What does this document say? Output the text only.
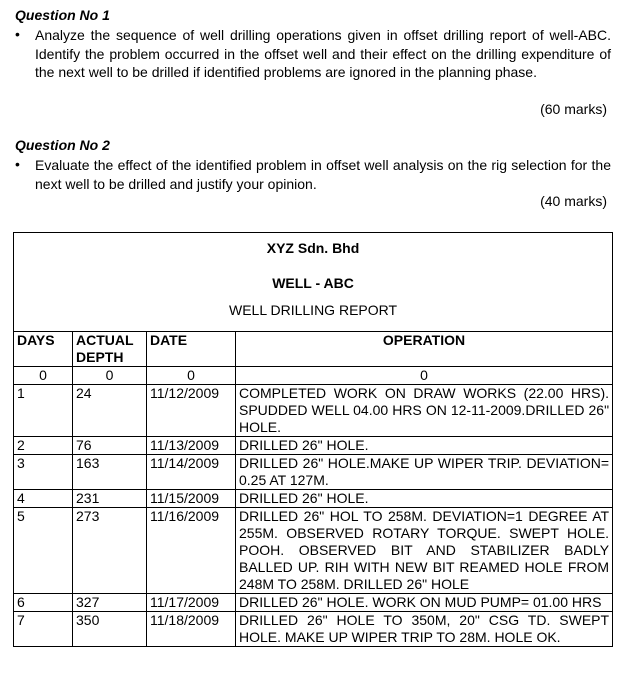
Question No 1
• Analyze the sequence of well drilling operations given in offset drilling report of well-ABC. Identify the problem occurred in the offset well and their effect on the drilling expenditure of the next well to be drilled if identified problems are ignored in the planning phase.
(60 marks)
Question No 2
• Evaluate the effect of the identified problem in offset well analysis on the rig selection for the next well to be drilled and justify your opinion.
(40 marks)
XYZ Sdn. Bhd
WELL - ABC
WELL DRILLING REPORT			

DAYS	ACTUAL DEPTH	DATE	OPERATION
0	0	0	0
1	24	11/12/2009	COMPLETED WORK ON DRAW WORKS (22.00 HRS). SPUDDED WELL 04.00 HRS ON 12-11-2009.DRILLED 26" HOLE.
2	76	11/13/2009	DRILLED 26" HOLE.
3	163	11/14/2009	DRILLED 26" HOLE.MAKE UP WIPER TRIP. DEVIATION= 0.25 AT 127M.
4	231	11/15/2009	DRILLED 26" HOLE.
5	273	11/16/2009	DRILLED 26" HOL TO 258M. DEVIATION=1 DEGREE AT 255M. OBSERVED ROTARY TORQUE. SWEPT HOLE. POOH. OBSERVED BIT AND STABILIZER BADLY BALLED UP. RIH WITH NEW BIT REAMED HOLE FROM 248M TO 258M. DRILLED 26" HOLE
6	327	11/17/2009	DRILLED 26" HOLE. WORK ON MUD PUMP= 01.00 HRS
7	350	11/18/2009	DRILLED 26" HOLE TO 350M, 20" CSG TD. SWEPT HOLE. MAKE UP WIPER TRIP TO 28M. HOLE OK.
